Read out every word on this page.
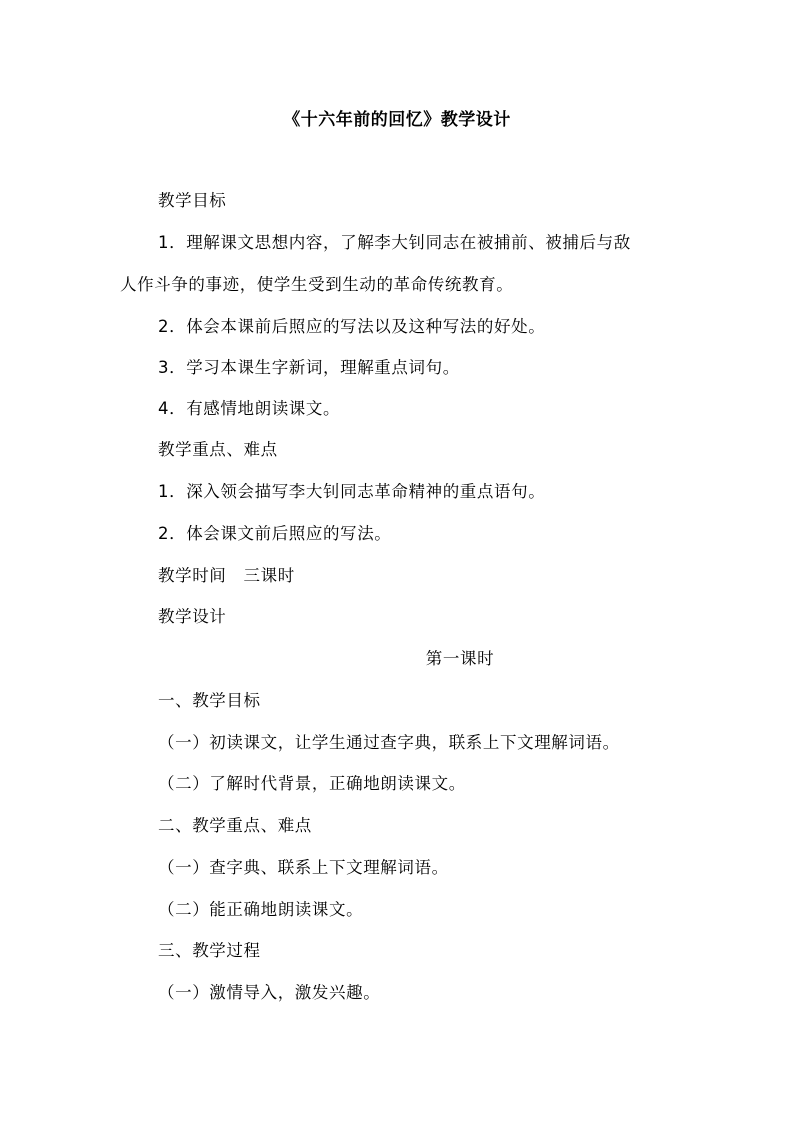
《十六年前的回忆》教学设计
教学目标
1．理解课文思想内容，了解李大钊同志在被捕前、被捕后与敌
人作斗争的事迹，使学生受到生动的革命传统教育。
2．体会本课前后照应的写法以及这种写法的好处。
3．学习本课生字新词，理解重点词句。
4．有感情地朗读课文。
教学重点、难点
1．深入领会描写李大钊同志革命精神的重点语句。
2．体会课文前后照应的写法。
教学时间　三课时
教学设计
第一课时
一、教学目标
（一）初读课文，让学生通过查字典，联系上下文理解词语。
（二）了解时代背景，正确地朗读课文。
二、教学重点、难点
（一）查字典、联系上下文理解词语。
（二）能正确地朗读课文。
三、教学过程
（一）激情导入，激发兴趣。
